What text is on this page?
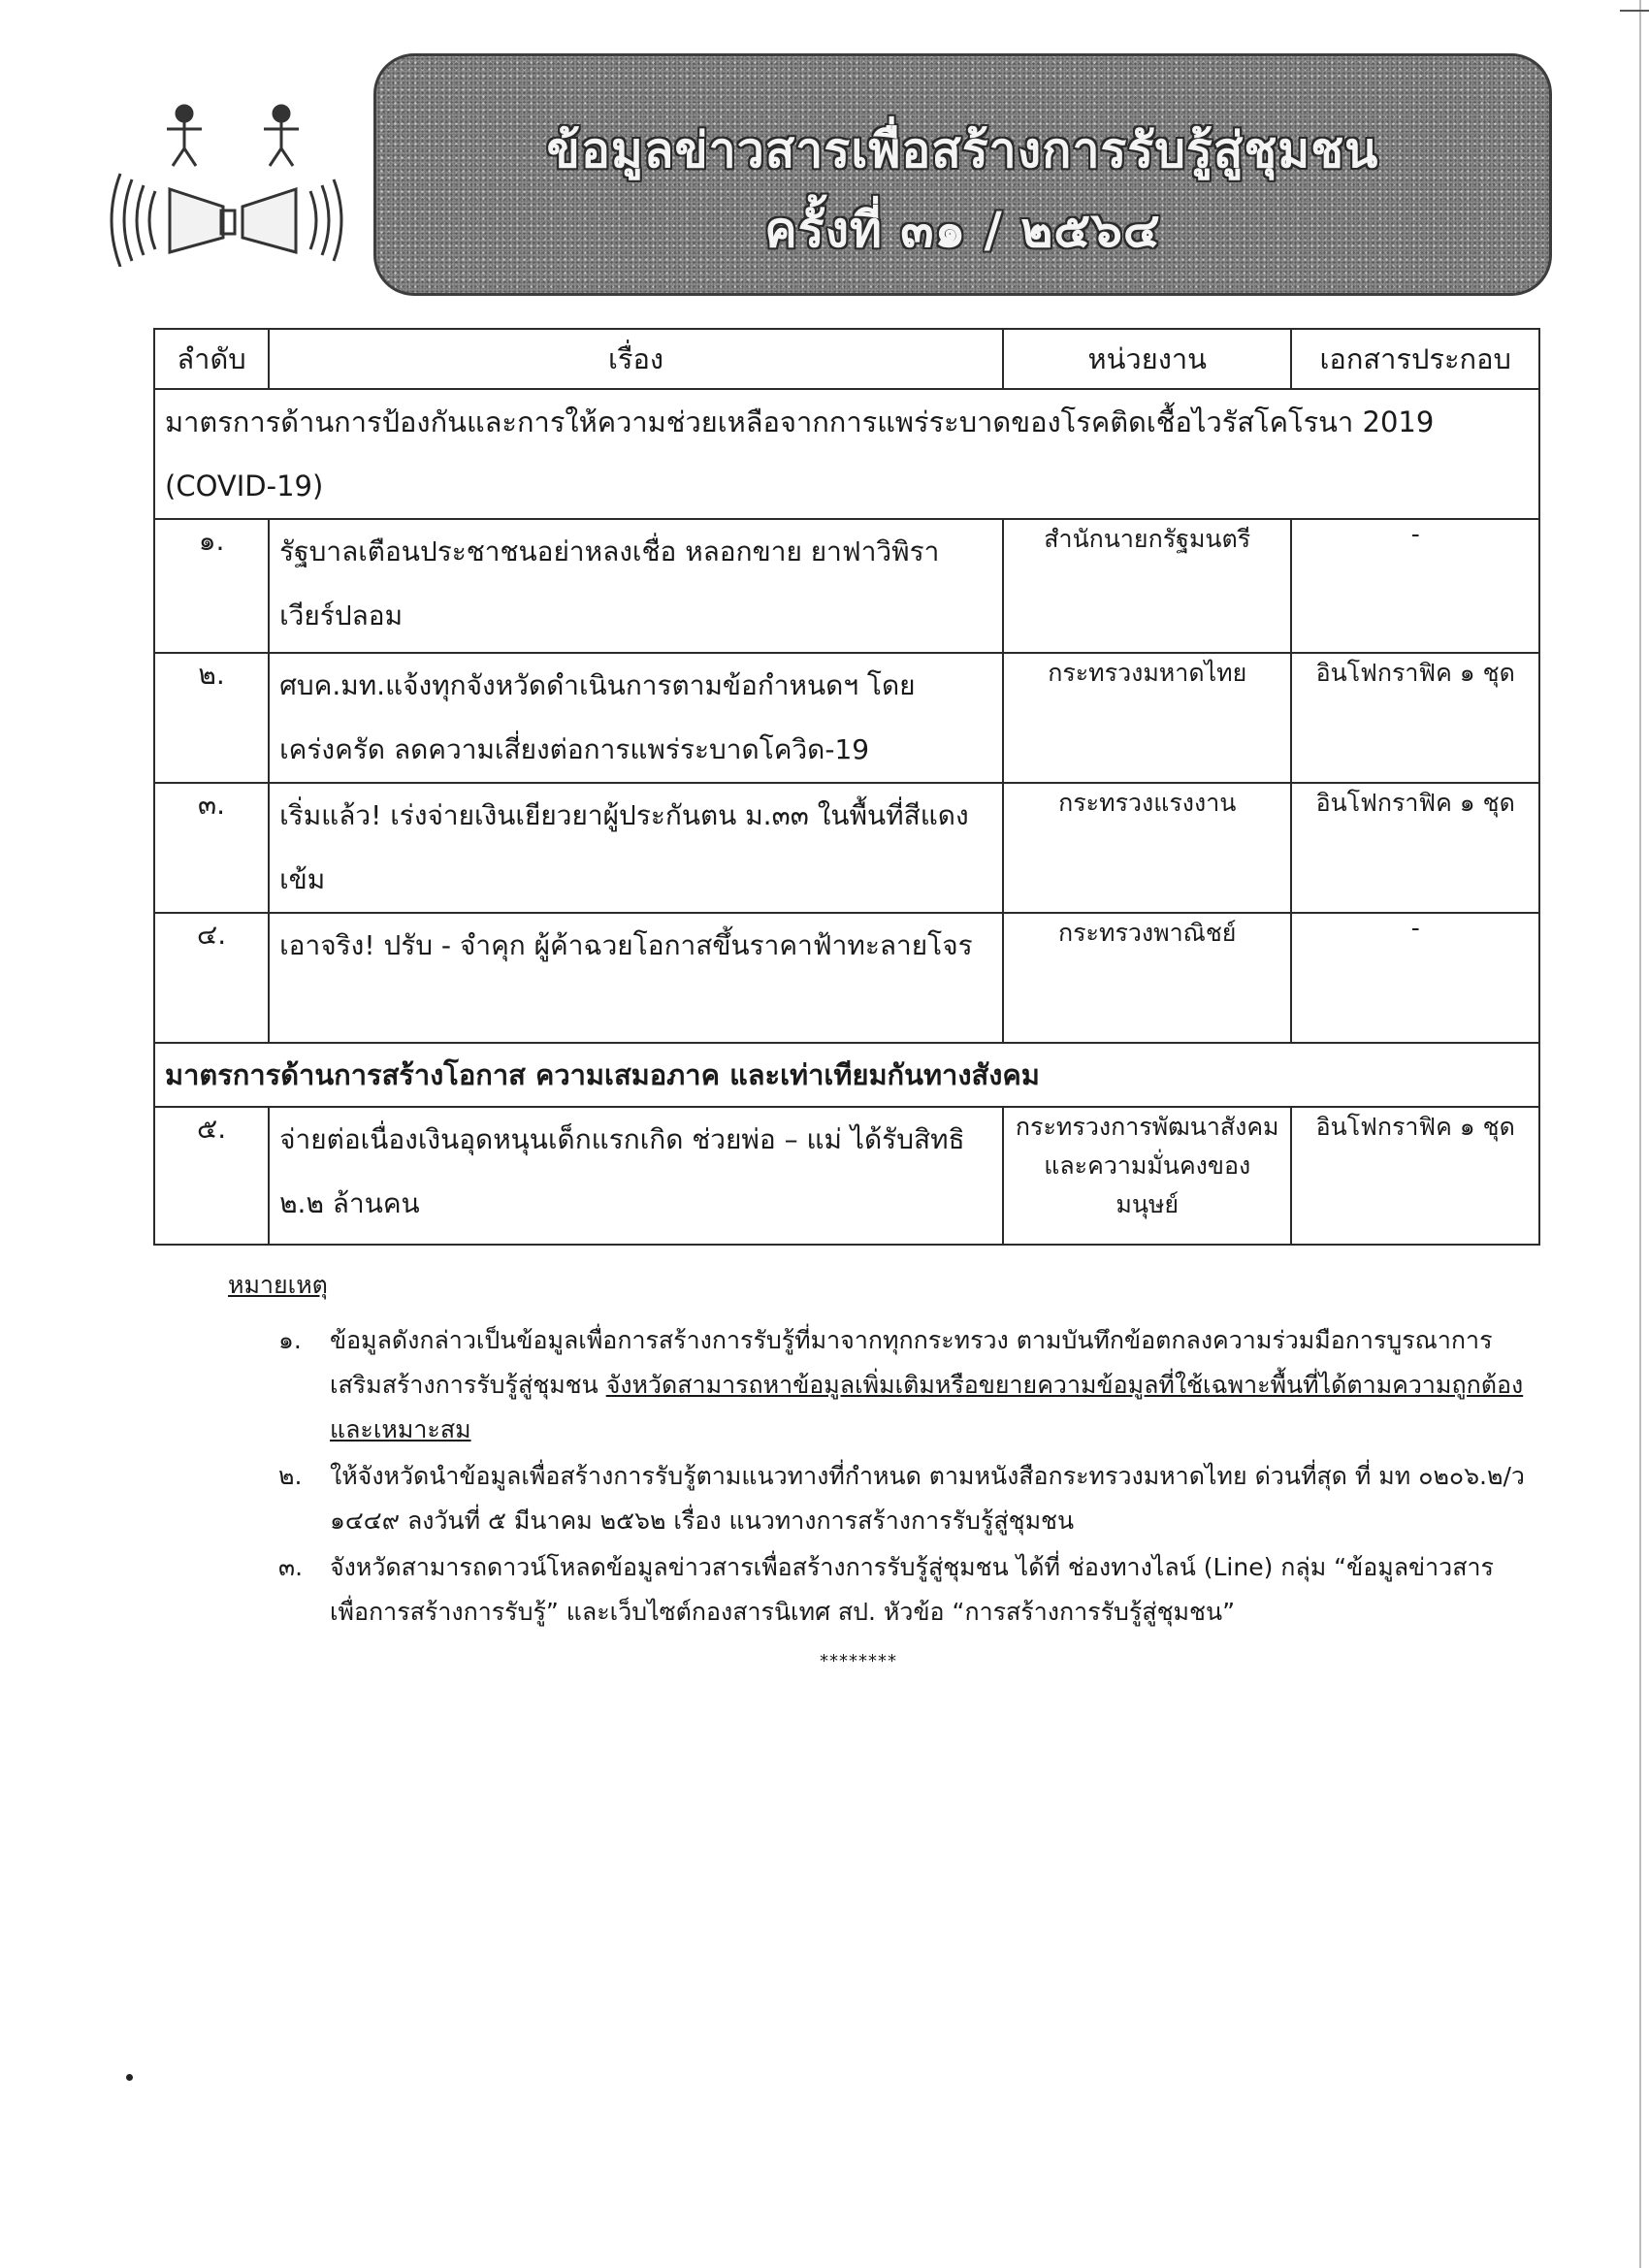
ข้อมูลข่าวสารเพื่อสร้างการรับรู้สู่ชุมชน
ครั้งที่ ๓๑ / ๒๕๖๔
ลำดับ	เรื่อง	หน่วยงาน	เอกสารประกอบ
มาตรการด้านการป้องกันและการให้ความช่วยเหลือจากการแพร่ระบาดของโรคติดเชื้อไวรัสโคโรนา 2019 (COVID-19)			
๑.	รัฐบาลเตือนประชาชนอย่าหลงเชื่อ หลอกขาย ยาฟาวิพิราเวียร์ปลอม	สำนักนายกรัฐมนตรี	-
๒.	ศบค.มท.แจ้งทุกจังหวัดดำเนินการตามข้อกำหนดฯ โดยเคร่งครัด ลดความเสี่ยงต่อการแพร่ระบาดโควิด-19	กระทรวงมหาดไทย	อินโฟกราฟิค ๑ ชุด
๓.	เริ่มแล้ว! เร่งจ่ายเงินเยียวยาผู้ประกันตน ม.๓๓ ในพื้นที่สีแดงเข้ม	กระทรวงแรงงาน	อินโฟกราฟิค ๑ ชุด
๔.	เอาจริง! ปรับ - จำคุก ผู้ค้าฉวยโอกาสขึ้นราคาฟ้าทะลายโจร	กระทรวงพาณิชย์	-
มาตรการด้านการสร้างโอกาส ความเสมอภาค และเท่าเทียมกันทางสังคม			
๕.	จ่ายต่อเนื่องเงินอุดหนุนเด็กแรกเกิด ช่วยพ่อ – แม่ ได้รับสิทธิ ๒.๒ ล้านคน	กระทรวงการพัฒนาสังคมและความมั่นคงของมนุษย์	อินโฟกราฟิค ๑ ชุด
หมายเหตุ
๑. ข้อมูลดังกล่าวเป็นข้อมูลเพื่อการสร้างการรับรู้ที่มาจากทุกกระทรวง ตามบันทึกข้อตกลงความร่วมมือการบูรณาการเสริมสร้างการรับรู้สู่ชุมชน จังหวัดสามารถหาข้อมูลเพิ่มเติมหรือขยายความข้อมูลที่ใช้เฉพาะพื้นที่ได้ตามความถูกต้องและเหมาะสม
๒. ให้จังหวัดนำข้อมูลเพื่อสร้างการรับรู้ตามแนวทางที่กำหนด ตามหนังสือกระทรวงมหาดไทย ด่วนที่สุด ที่ มท ๐๒๐๖.๒/ว ๑๔๔๙ ลงวันที่ ๕ มีนาคม ๒๕๖๒ เรื่อง แนวทางการสร้างการรับรู้สู่ชุมชน
๓. จังหวัดสามารถดาวน์โหลดข้อมูลข่าวสารเพื่อสร้างการรับรู้สู่ชุมชน ได้ที่ ช่องทางไลน์ (Line) กลุ่ม “ข้อมูลข่าวสารเพื่อการสร้างการรับรู้” และเว็บไซต์กองสารนิเทศ สป. หัวข้อ “การสร้างการรับรู้สู่ชุมชน”
********
